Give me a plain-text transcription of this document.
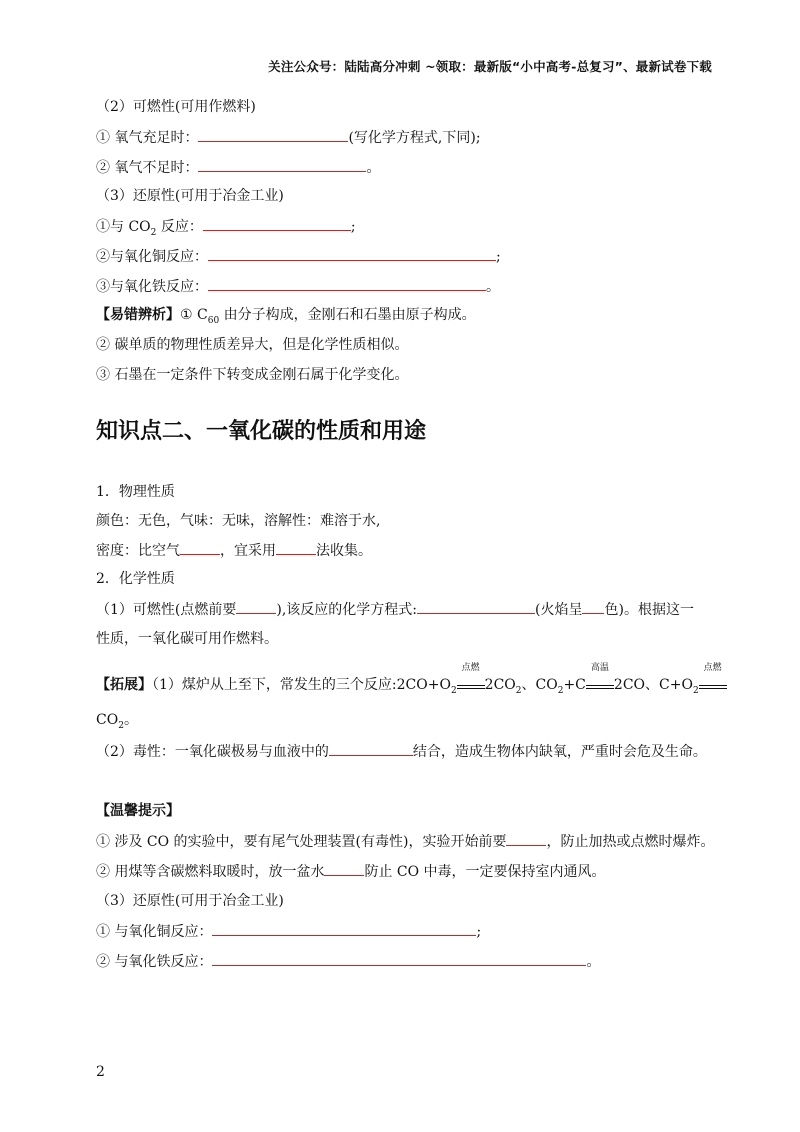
关注公众号：陆陆高分冲刺 ~领取：最新版“小中高考-总复习”、最新试卷下载
（2）可燃性(可用作燃料)
① 氧气充足时：	(写化学方程式,下同);
② 氧气不足时：	。
（3）还原性(可用于冶金工业)
①与 $CO_2$ 反应：	;
②与氧化铜反应：	;
③与氧化铁反应：	。
【易错辨析】① $C_{60}$ 由分子构成，金刚石和石墨由原子构成。
② 碳单质的物理性质差异大，但是化学性质相似。
③ 石墨在一定条件下转变成金刚石属于化学变化。
知识点二、一氧化碳的性质和用途
1．物理性质
颜色：无色，气味：无味，溶解性：难溶于水,
密度：比空气	，宜采用	法收集。
2．化学性质
（1）可燃性(点燃前要	),该反应的化学方程式:	(火焰呈 色)。根据这一
性质，一氧化碳可用作燃料。
【拓展】（1）煤炉从上至下，常发生的三个反应$:2CO+O_2$
点燃
$2CO_2$、$CO_2+C$
高温
2CO、$C+O_2$
点燃
$CO_2$。
（2）毒性：一氧化碳极易与血液中的	结合，造成生物体内缺氧，严重时会危及生命。
【温馨提示】
① 涉及 CO 的实验中，要有尾气处理装置(有毒性)，实验开始前要	，防止加热或点燃时爆炸。
② 用煤等含碳燃料取暖时，放一盆水	防止 CO 中毒，一定要保持室内通风。
（3）还原性(可用于冶金工业)
① 与氧化铜反应：	;
② 与氧化铁反应：	。
2
